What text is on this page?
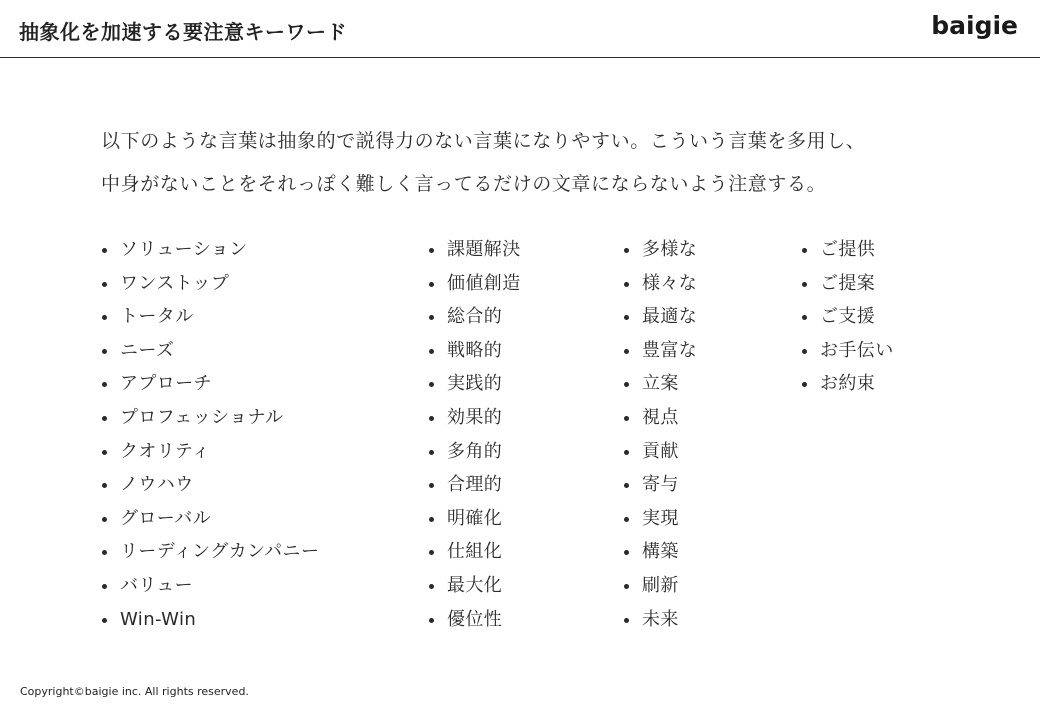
抽象化を加速する要注意キーワード	baigie

以下のような言葉は抽象的で説得力のない言葉になりやすい。こういう言葉を多用し、

中身がないことをそれっぽく難しく言ってるだけの文章にならないよう注意する。

ソリューション
ワンストップ
トータル
ニーズ
アプローチ
プロフェッショナル
クオリティ
ノウハウ
グローバル
リーディングカンパニー
バリュー
Win-Win
課題解決
価値創造
総合的
戦略的
実践的
効果的
多角的
合理的
明確化
仕組化
最大化
優位性
多様な
様々な
最適な
豊富な
立案
視点
貢献
寄与
実現
構築
刷新
未来
ご提供
ご提案
ご支援
お手伝い
お約束
Copyright©baigie inc. All rights reserved.
